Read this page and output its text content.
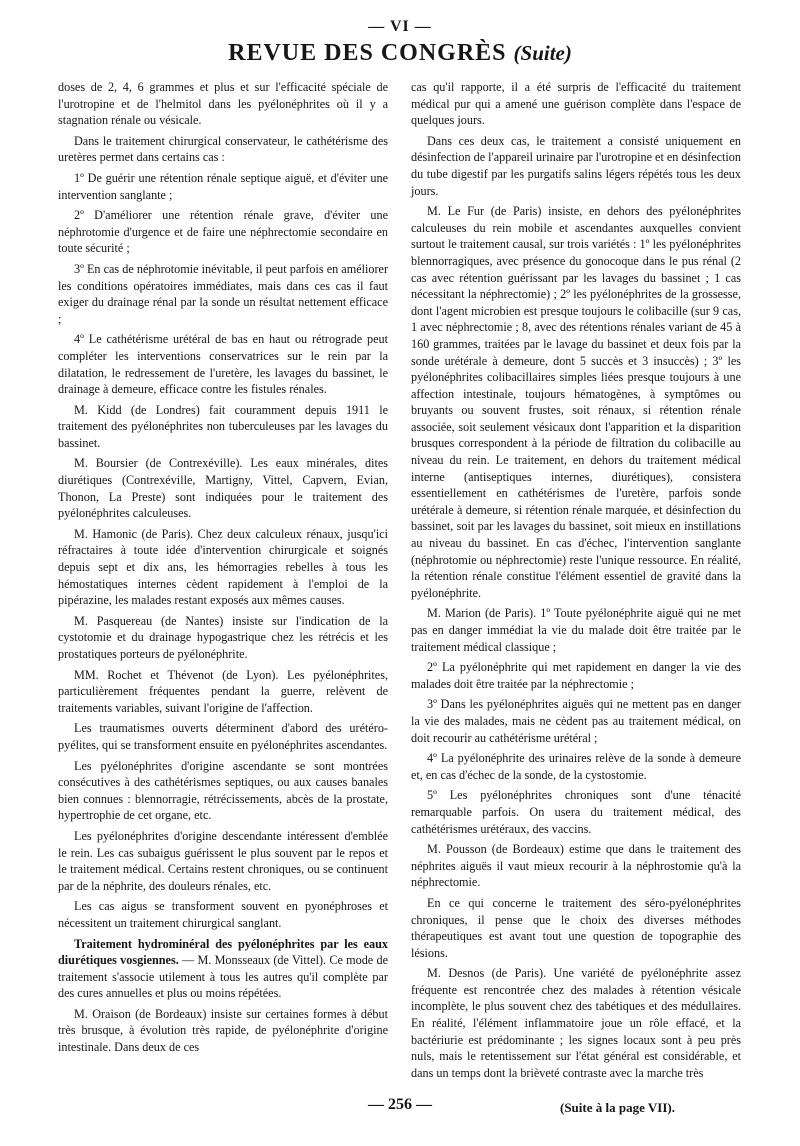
— VI —
REVUE DES CONGRÈS (Suite)

doses de 2, 4, 6 grammes et plus et sur l'efficacité spéciale de l'urotropine et de l'helmitol dans les pyélonéphrites où il y a stagnation rénale ou vésicale.

Dans le traitement chirurgical conservateur, le cathétérisme des uretères permet dans certains cas :

1º De guérir une rétention rénale septique aiguë, et d'éviter une intervention sanglante ;

2º D'améliorer une rétention rénale grave, d'éviter une néphrotomie d'urgence et de faire une néphrectomie secondaire en toute sécurité ;

3º En cas de néphrotomie inévitable, il peut parfois en améliorer les conditions opératoires immédiates, mais dans ces cas il faut exiger du drainage rénal par la sonde un résultat nettement efficace ;

4º Le cathétérisme urétéral de bas en haut ou rétrograde peut compléter les interventions conservatrices sur le rein par la dilatation, le redressement de l'uretère, les lavages du bassinet, le drainage à demeure, efficace contre les fistules rénales.

M. Kidd (de Londres) fait couramment depuis 1911 le traitement des pyélonéphrites non tuberculeuses par les lavages du bassinet.

M. Boursier (de Contrexéville). Les eaux minérales, dites diurétiques (Contrexéville, Martigny, Vittel, Capvern, Evian, Thonon, La Preste) sont indiquées pour le traitement des pyélonéphrites calculeuses.

M. Hamonic (de Paris). Chez deux calculeux rénaux, jusqu'ici réfractaires à toute idée d'intervention chirurgicale et soignés depuis sept et dix ans, les hémorragies rebelles à tous les hémostatiques internes cèdent rapidement à l'emploi de la pipérazine, les malades restant exposés aux mêmes causes.

M. Pasquereau (de Nantes) insiste sur l'indication de la cystotomie et du drainage hypogastrique chez les rétrécis et les prostatiques porteurs de pyélonéphrite.

MM. Rochet et Thévenot (de Lyon). Les pyélonéphrites, particulièrement fréquentes pendant la guerre, relèvent de traitements variables, suivant l'origine de l'affection.

Les traumatismes ouverts déterminent d'abord des urétéro-pyélites, qui se transforment ensuite en pyélonéphrites ascendantes.

Les pyélonéphrites d'origine ascendante se sont montrées consécutives à des cathétérismes septiques, ou aux causes banales bien connues : blennorragie, rétrécissements, abcès de la prostate, hypertrophie de cet organe, etc.

Les pyélonéphrites d'origine descendante intéressent d'emblée le rein. Les cas subaigus guérissent le plus souvent par le repos et le traitement médical. Certains restent chroniques, ou se continuent par de la néphrite, des douleurs rénales, etc.

Les cas aigus se transforment souvent en pyonéphroses et nécessitent un traitement chirurgical sanglant.

Traitement hydrominéral des pyélonéphrites par les eaux diurétiques vosgiennes. — M. Monsseaux (de Vittel). Ce mode de traitement s'associe utilement à tous les autres qu'il complète par des cures annuelles et plus ou moins répétées.

M. Oraison (de Bordeaux) insiste sur certaines formes à début très brusque, à évolution très rapide, de pyélonéphrite d'origine intestinale. Dans deux de ces

cas qu'il rapporte, il a été surpris de l'efficacité du traitement médical pur qui a amené une guérison complète dans l'espace de quelques jours.

Dans ces deux cas, le traitement a consisté uniquement en désinfection de l'appareil urinaire par l'urotropine et en désinfection du tube digestif par les purgatifs salins légers répétés tous les deux jours.

M. Le Fur (de Paris) insiste, en dehors des pyélonéphrites calculeuses du rein mobile et ascendantes auxquelles convient surtout le traitement causal, sur trois variétés : 1º les pyélonéphrites blennorragiques, avec présence du gonocoque dans le pus rénal (2 cas avec rétention guérissant par les lavages du bassinet ; 1 cas nécessitant la néphrectomie) ; 2º les pyélonéphrites de la grossesse, dont l'agent microbien est presque toujours le colibacille (sur 9 cas, 1 avec néphrectomie ; 8, avec des rétentions rénales variant de 45 à 160 grammes, traitées par le lavage du bassinet et deux fois par la sonde urétérale à demeure, dont 5 succès et 3 insuccès) ; 3º les pyélonéphrites colibacillaires simples liées presque toujours à une affection intestinale, toujours hématogènes, à symptômes ou bruyants ou souvent frustes, soit rénaux, si rétention rénale associée, soit seulement vésicaux dont l'apparition et la disparition brusques correspondent à la période de filtration du colibacille au niveau du rein. Le traitement, en dehors du traitement médical interne (antiseptiques internes, diurétiques), consistera essentiellement en cathétérismes de l'uretère, parfois sonde urétérale à demeure, si rétention rénale marquée, et désinfection du bassinet, soit par les lavages du bassinet, soit mieux en instillations au niveau du bassinet. En cas d'échec, l'intervention sanglante (néphrotomie ou néphrectomie) reste l'unique ressource. En réalité, la rétention rénale constitue l'élément essentiel de gravité dans la pyélonéphrite.

M. Marion (de Paris). 1º Toute pyélonéphrite aiguë qui ne met pas en danger immédiat la vie du malade doit être traitée par le traitement médical classique ;

2º La pyélonéphrite qui met rapidement en danger la vie des malades doit être traitée par la néphrectomie ;

3º Dans les pyélonéphrites aiguës qui ne mettent pas en danger la vie des malades, mais ne cèdent pas au traitement médical, on doit recourir au cathétérisme urétéral ;

4º La pyélonéphrite des urinaires relève de la sonde à demeure et, en cas d'échec de la sonde, de la cystostomie.

5º Les pyélonéphrites chroniques sont d'une ténacité remarquable parfois. On usera du traitement médical, des cathétérismes urétéraux, des vaccins.

M. Pousson (de Bordeaux) estime que dans le traitement des néphrites aiguës il vaut mieux recourir à la néphrostomie qu'à la néphrectomie.

En ce qui concerne le traitement des séro-pyélonéphrites chroniques, il pense que le choix des diverses méthodes thérapeutiques est avant tout une question de topographie des lésions.

M. Desnos (de Paris). Une variété de pyélonéphrite assez fréquente est rencontrée chez des malades à rétention vésicale incomplète, le plus souvent chez des tabétiques et des médullaires. En réalité, l'élément inflammatoire joue un rôle effacé, et la bactériurie est prédominante ; les signes locaux sont à peu près nuls, mais le retentissement sur l'état général est considérable, et dans un temps dont la brièveté contraste avec la marche très

— 256 —	(Suite à la page VII).
